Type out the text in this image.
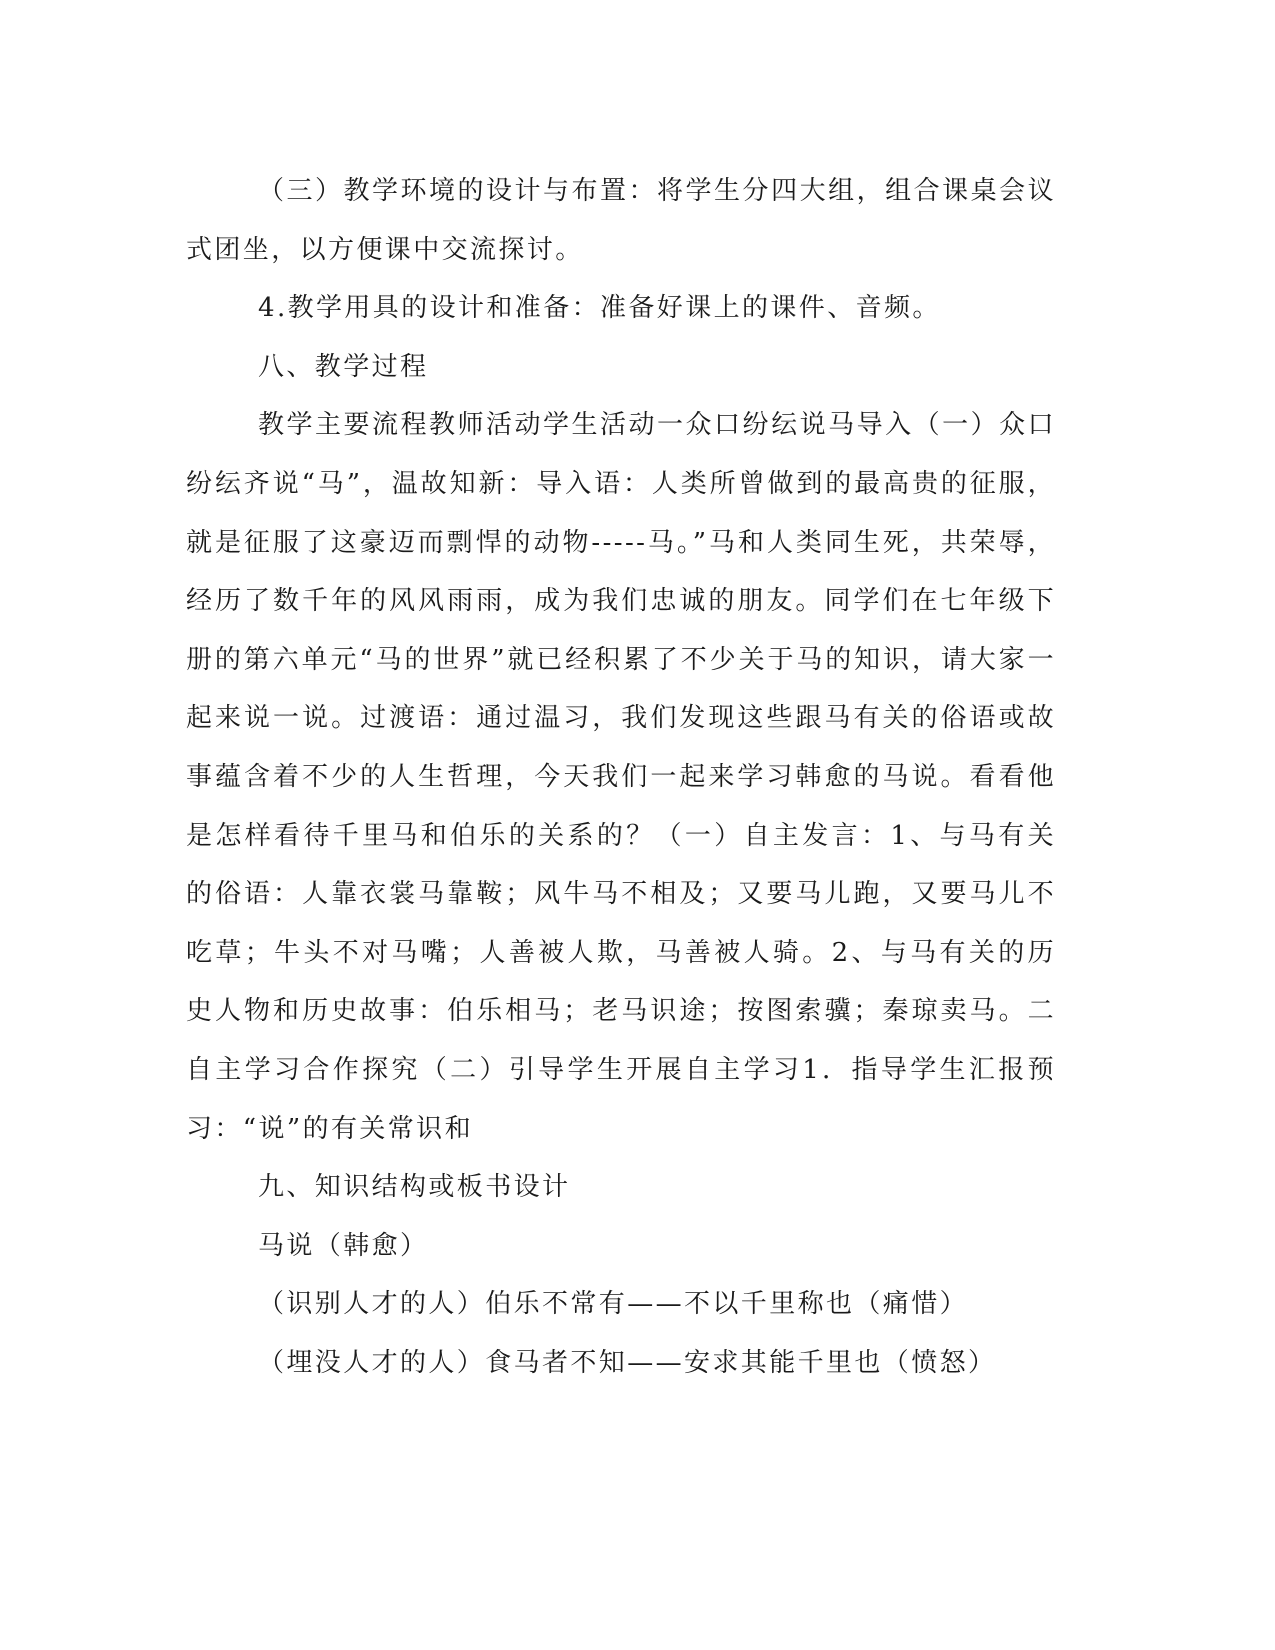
（三）教学环境的设计与布置：将学生分四大组，组合课桌会议式团坐，以方便课中交流探讨。

4.教学用具的设计和准备：准备好课上的课件、音频。

八、教学过程

教学主要流程教师活动学生活动一众口纷纭说马导入（一）众口纷纭齐说“马”，温故知新：导入语：人类所曾做到的最高贵的征服，就是征服了这豪迈而剽悍的动物-----马。”马和人类同生死，共荣辱，经历了数千年的风风雨雨，成为我们忠诚的朋友。同学们在七年级下册的第六单元“马的世界”就已经积累了不少关于马的知识，请大家一起来说一说。过渡语：通过温习，我们发现这些跟马有关的俗语或故事蕴含着不少的人生哲理，今天我们一起来学习韩愈的马说。看看他是怎样看待千里马和伯乐的关系的？（一）自主发言：1、与马有关的俗语：人靠衣裳马靠鞍；风牛马不相及；又要马儿跑，又要马儿不吃草；牛头不对马嘴；人善被人欺，马善被人骑。2、与马有关的历史人物和历史故事：伯乐相马；老马识途；按图索骥；秦琼卖马。二自主学习合作探究（二）引导学生开展自主学习1．指导学生汇报预习：“说”的有关常识和

九、知识结构或板书设计

马说（韩愈）

（识别人才的人）伯乐不常有——不以千里称也（痛惜）

（埋没人才的人）食马者不知——安求其能千里也（愤怒）
